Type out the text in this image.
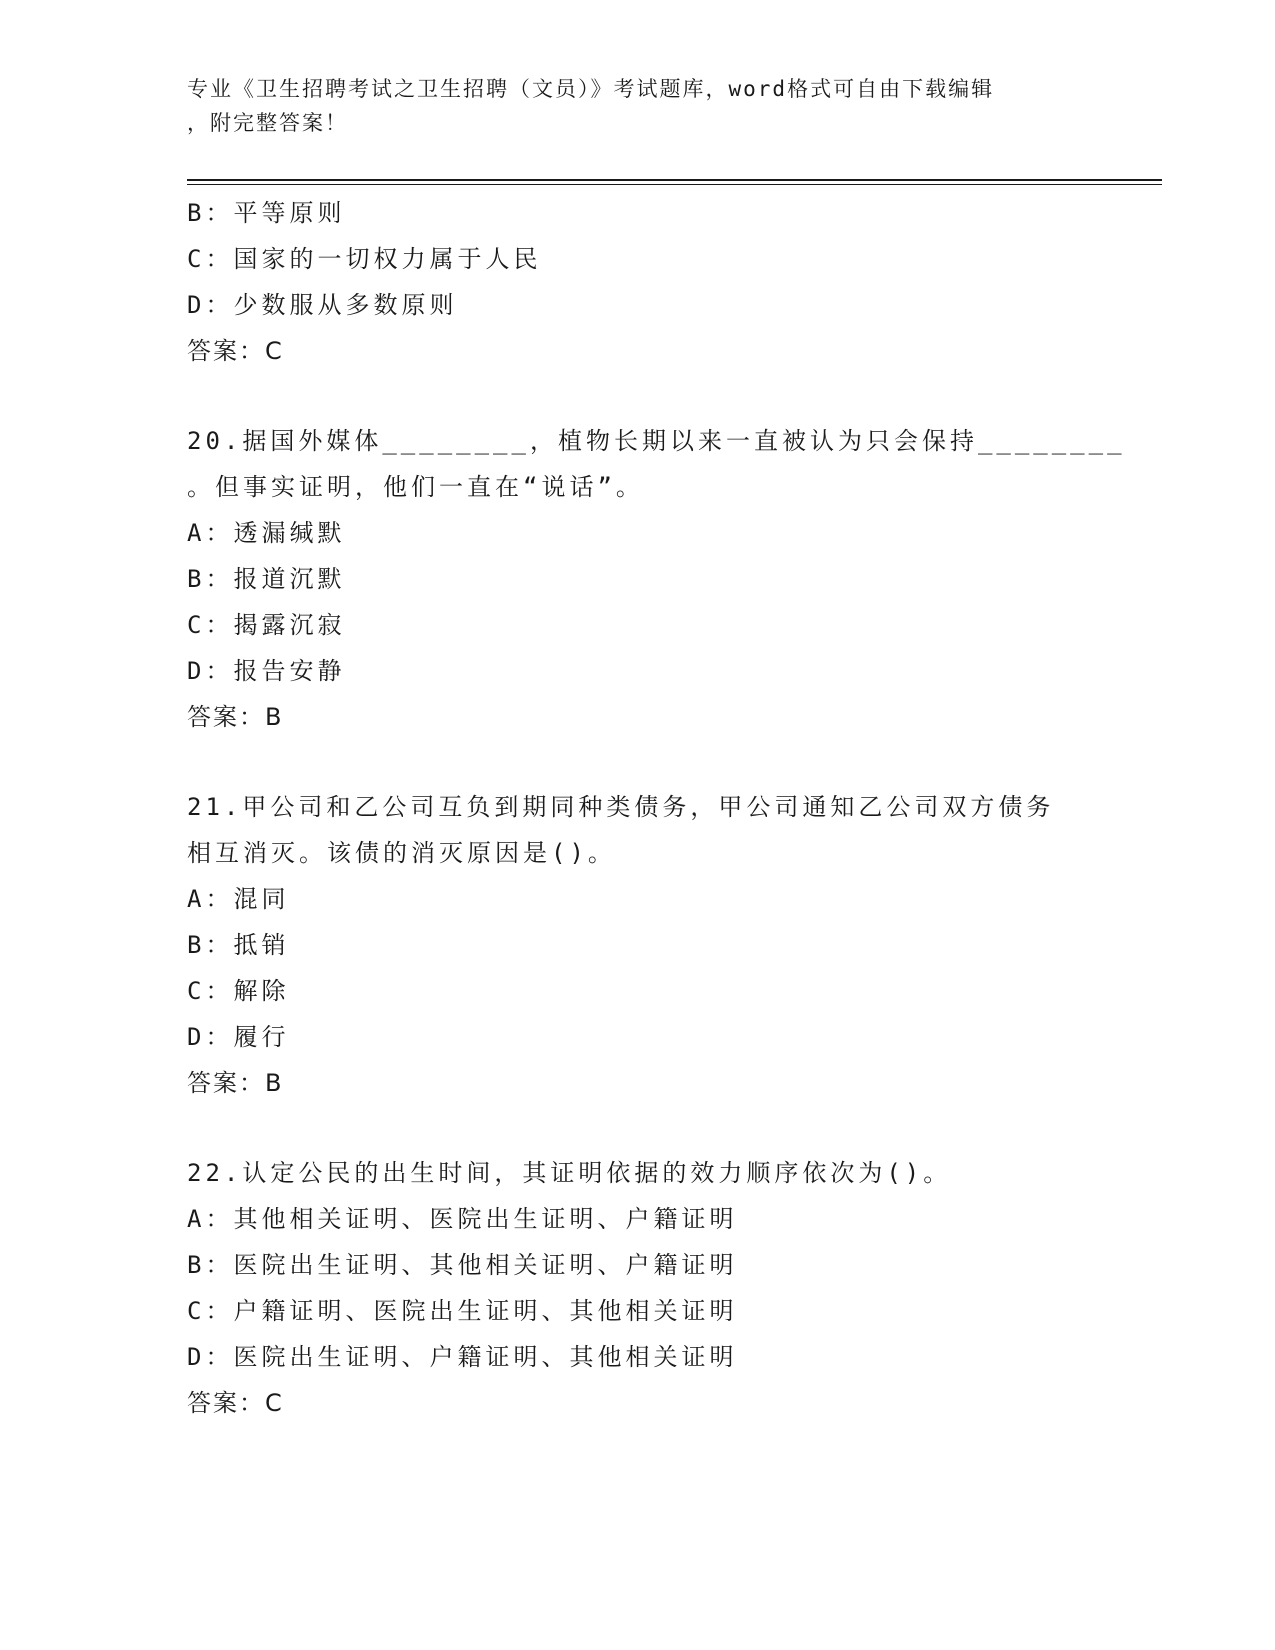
专业《卫生招聘考试之卫生招聘（文员）》考试题库，word格式可自由下载编辑
，附完整答案！
B：平等原则
C：国家的一切权力属于人民
D：少数服从多数原则
答案：C
20.据国外媒体________，植物长期以来一直被认为只会保持________
。但事实证明，他们一直在“说话”。
A：透漏缄默
B：报道沉默
C：揭露沉寂
D：报告安静
答案：B
21.甲公司和乙公司互负到期同种类债务，甲公司通知乙公司双方债务
相互消灭。该债的消灭原因是()。
A：混同
B：抵销
C：解除
D：履行
答案：B
22.认定公民的出生时间，其证明依据的效力顺序依次为()。
A：其他相关证明、医院出生证明、户籍证明
B：医院出生证明、其他相关证明、户籍证明
C：户籍证明、医院出生证明、其他相关证明
D：医院出生证明、户籍证明、其他相关证明
答案：C
